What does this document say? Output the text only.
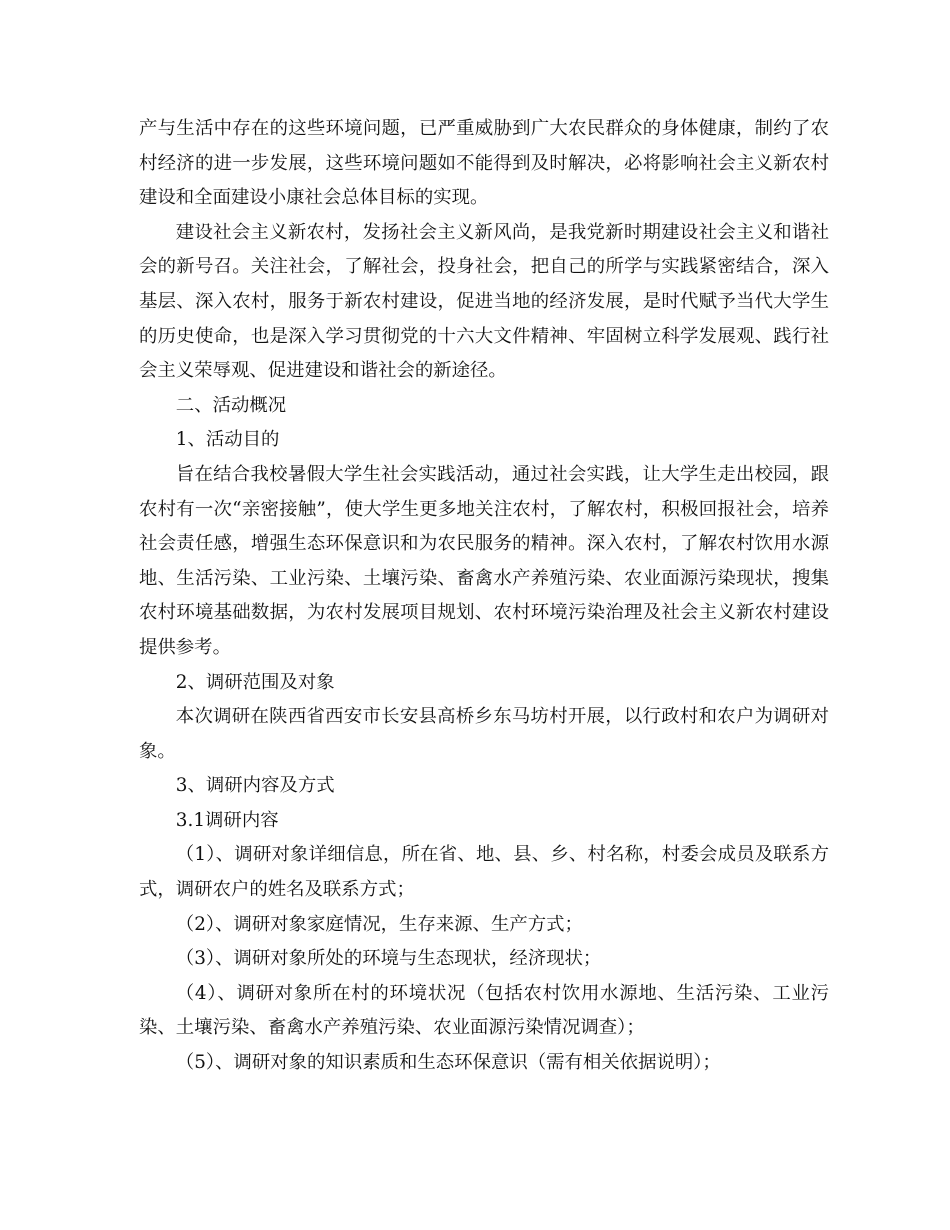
产与生活中存在的这些环境问题，已严重威胁到广大农民群众的身体健康，制约了农村经济的进一步发展，这些环境问题如不能得到及时解决，必将影响社会主义新农村建设和全面建设小康社会总体目标的实现。

建设社会主义新农村，发扬社会主义新风尚，是我党新时期建设社会主义和谐社会的新号召。关注社会，了解社会，投身社会，把自己的所学与实践紧密结合，深入基层、深入农村，服务于新农村建设，促进当地的经济发展，是时代赋予当代大学生的历史使命，也是深入学习贯彻党的十六大文件精神、牢固树立科学发展观、践行社会主义荣辱观、促进建设和谐社会的新途径。

二、活动概况

1、活动目的

旨在结合我校暑假大学生社会实践活动，通过社会实践，让大学生走出校园，跟农村有一次“亲密接触”，使大学生更多地关注农村，了解农村，积极回报社会，培养社会责任感，增强生态环保意识和为农民服务的精神。深入农村，了解农村饮用水源地、生活污染、工业污染、土壤污染、畜禽水产养殖污染、农业面源污染现状，搜集农村环境基础数据，为农村发展项目规划、农村环境污染治理及社会主义新农村建设提供参考。

2、调研范围及对象

本次调研在陕西省西安市长安县高桥乡东马坊村开展，以行政村和农户为调研对象。

3、调研内容及方式

3.1调研内容

（1）、调研对象详细信息，所在省、地、县、乡、村名称，村委会成员及联系方式，调研农户的姓名及联系方式；

（2）、调研对象家庭情况，生存来源、生产方式；

（3）、调研对象所处的环境与生态现状，经济现状；

（4）、调研对象所在村的环境状况（包括农村饮用水源地、生活污染、工业污染、土壤污染、畜禽水产养殖污染、农业面源污染情况调查）；

（5）、调研对象的知识素质和生态环保意识（需有相关依据说明）；
